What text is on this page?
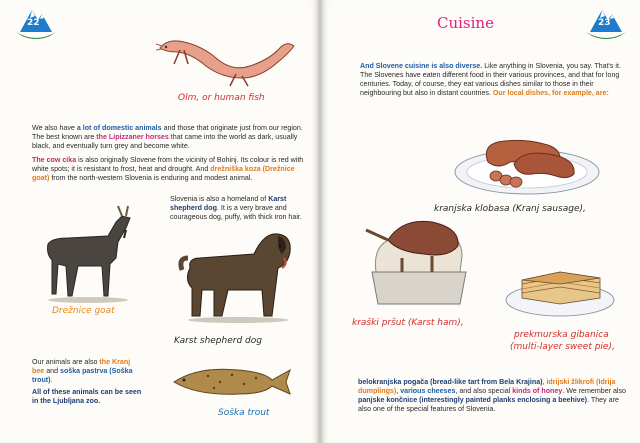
22
Olm, or human fish
We also have a lot of domestic animals and those that originate just from our region. The best known are the Lipizzaner horses that came into the world as dark, usually black, and eventually turn grey and become white.
The cow cika is also originally Slovene from the vicinity of Bohinj. Its colour is red with white spots; it is resistant to frost, heat and drought. And drežniška koza (Drežnice goat) from the north-western Slovenia is enduring and modest animal.
Slovenia is also a homeland of Karst shepherd dog. It is a very brave and courageous dog, puffy, with thick iron hair.
Drežnice goat
Karst shepherd dog
Our animals are also the Kranj bee and soška pastrva (Soška trout).
All of these animals can be seen in the Ljubljana zoo.
Soška trout
23
Cuisine
And Slovene cuisine is also diverse. Like anything in Slovenia, you say. That's it. The Slovenes have eaten different food in their various provinces, and that for long centuries. Today, of course, they eat various dishes similar to those in their neighbouring but also in distant countries. Our local dishes, for example, are:
kranjska klobasa (Kranj sausage),
kraški pršut (Karst ham),
prekmurska gibanica
(multi-layer sweet pie),
belokranjska pogača (bread-like tart from Bela Krajina), idrijski žlikrofi (Idrija dumplings), various cheeses, and also special kinds of honey. We remember also panjske končnice (interestingly painted planks enclosing a beehive). They are also one of the special features of Slovenia.
